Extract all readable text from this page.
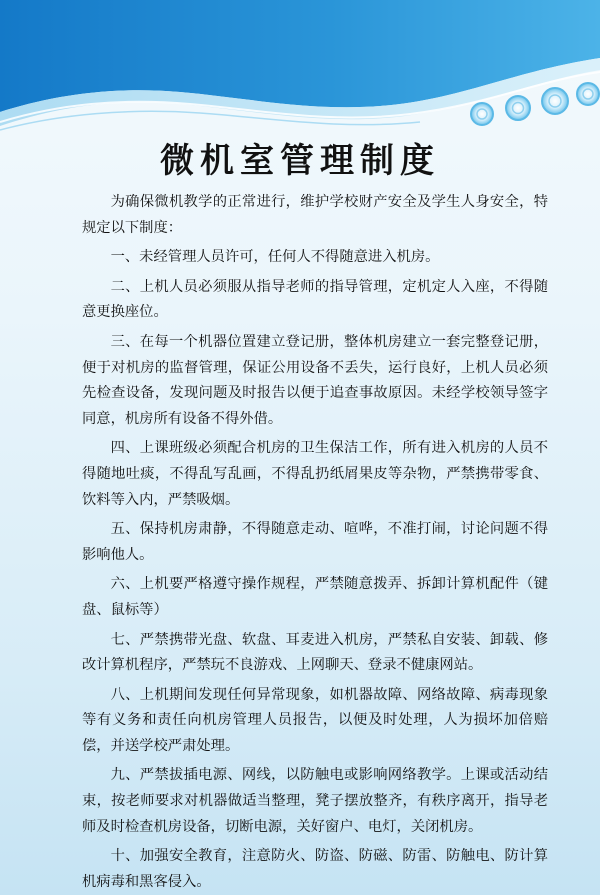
微机室管理制度

为确保微机教学的正常进行，维护学校财产安全及学生人身安全，特规定以下制度：

一、未经管理人员许可，任何人不得随意进入机房。

二、上机人员必须服从指导老师的指导管理，定机定人入座，不得随意更换座位。

三、在每一个机器位置建立登记册，整体机房建立一套完整登记册，便于对机房的监督管理，保证公用设备不丢失，运行良好，上机人员必须先检查设备，发现问题及时报告以便于追查事故原因。未经学校领导签字同意，机房所有设备不得外借。

四、上课班级必须配合机房的卫生保洁工作，所有进入机房的人员不得随地吐痰，不得乱写乱画，不得乱扔纸屑果皮等杂物，严禁携带零食、饮料等入内，严禁吸烟。

五、保持机房肃静，不得随意走动、喧哗，不准打闹，讨论问题不得影响他人。

六、上机要严格遵守操作规程，严禁随意拨弄、拆卸计算机配件（键盘、鼠标等）

七、严禁携带光盘、软盘、耳麦进入机房，严禁私自安装、卸载、修改计算机程序，严禁玩不良游戏、上网聊天、登录不健康网站。

八、上机期间发现任何异常现象，如机器故障、网络故障、病毒现象等有义务和责任向机房管理人员报告，以便及时处理，人为损坏加倍赔偿，并送学校严肃处理。

九、严禁拔插电源、网线，以防触电或影响网络教学。上课或活动结束，按老师要求对机器做适当整理，凳子摆放整齐，有秩序离开，指导老师及时检查机房设备，切断电源，关好窗户、电灯，关闭机房。

十、加强安全教育，注意防火、防盗、防磁、防雷、防触电、防计算机病毒和黑客侵入。
